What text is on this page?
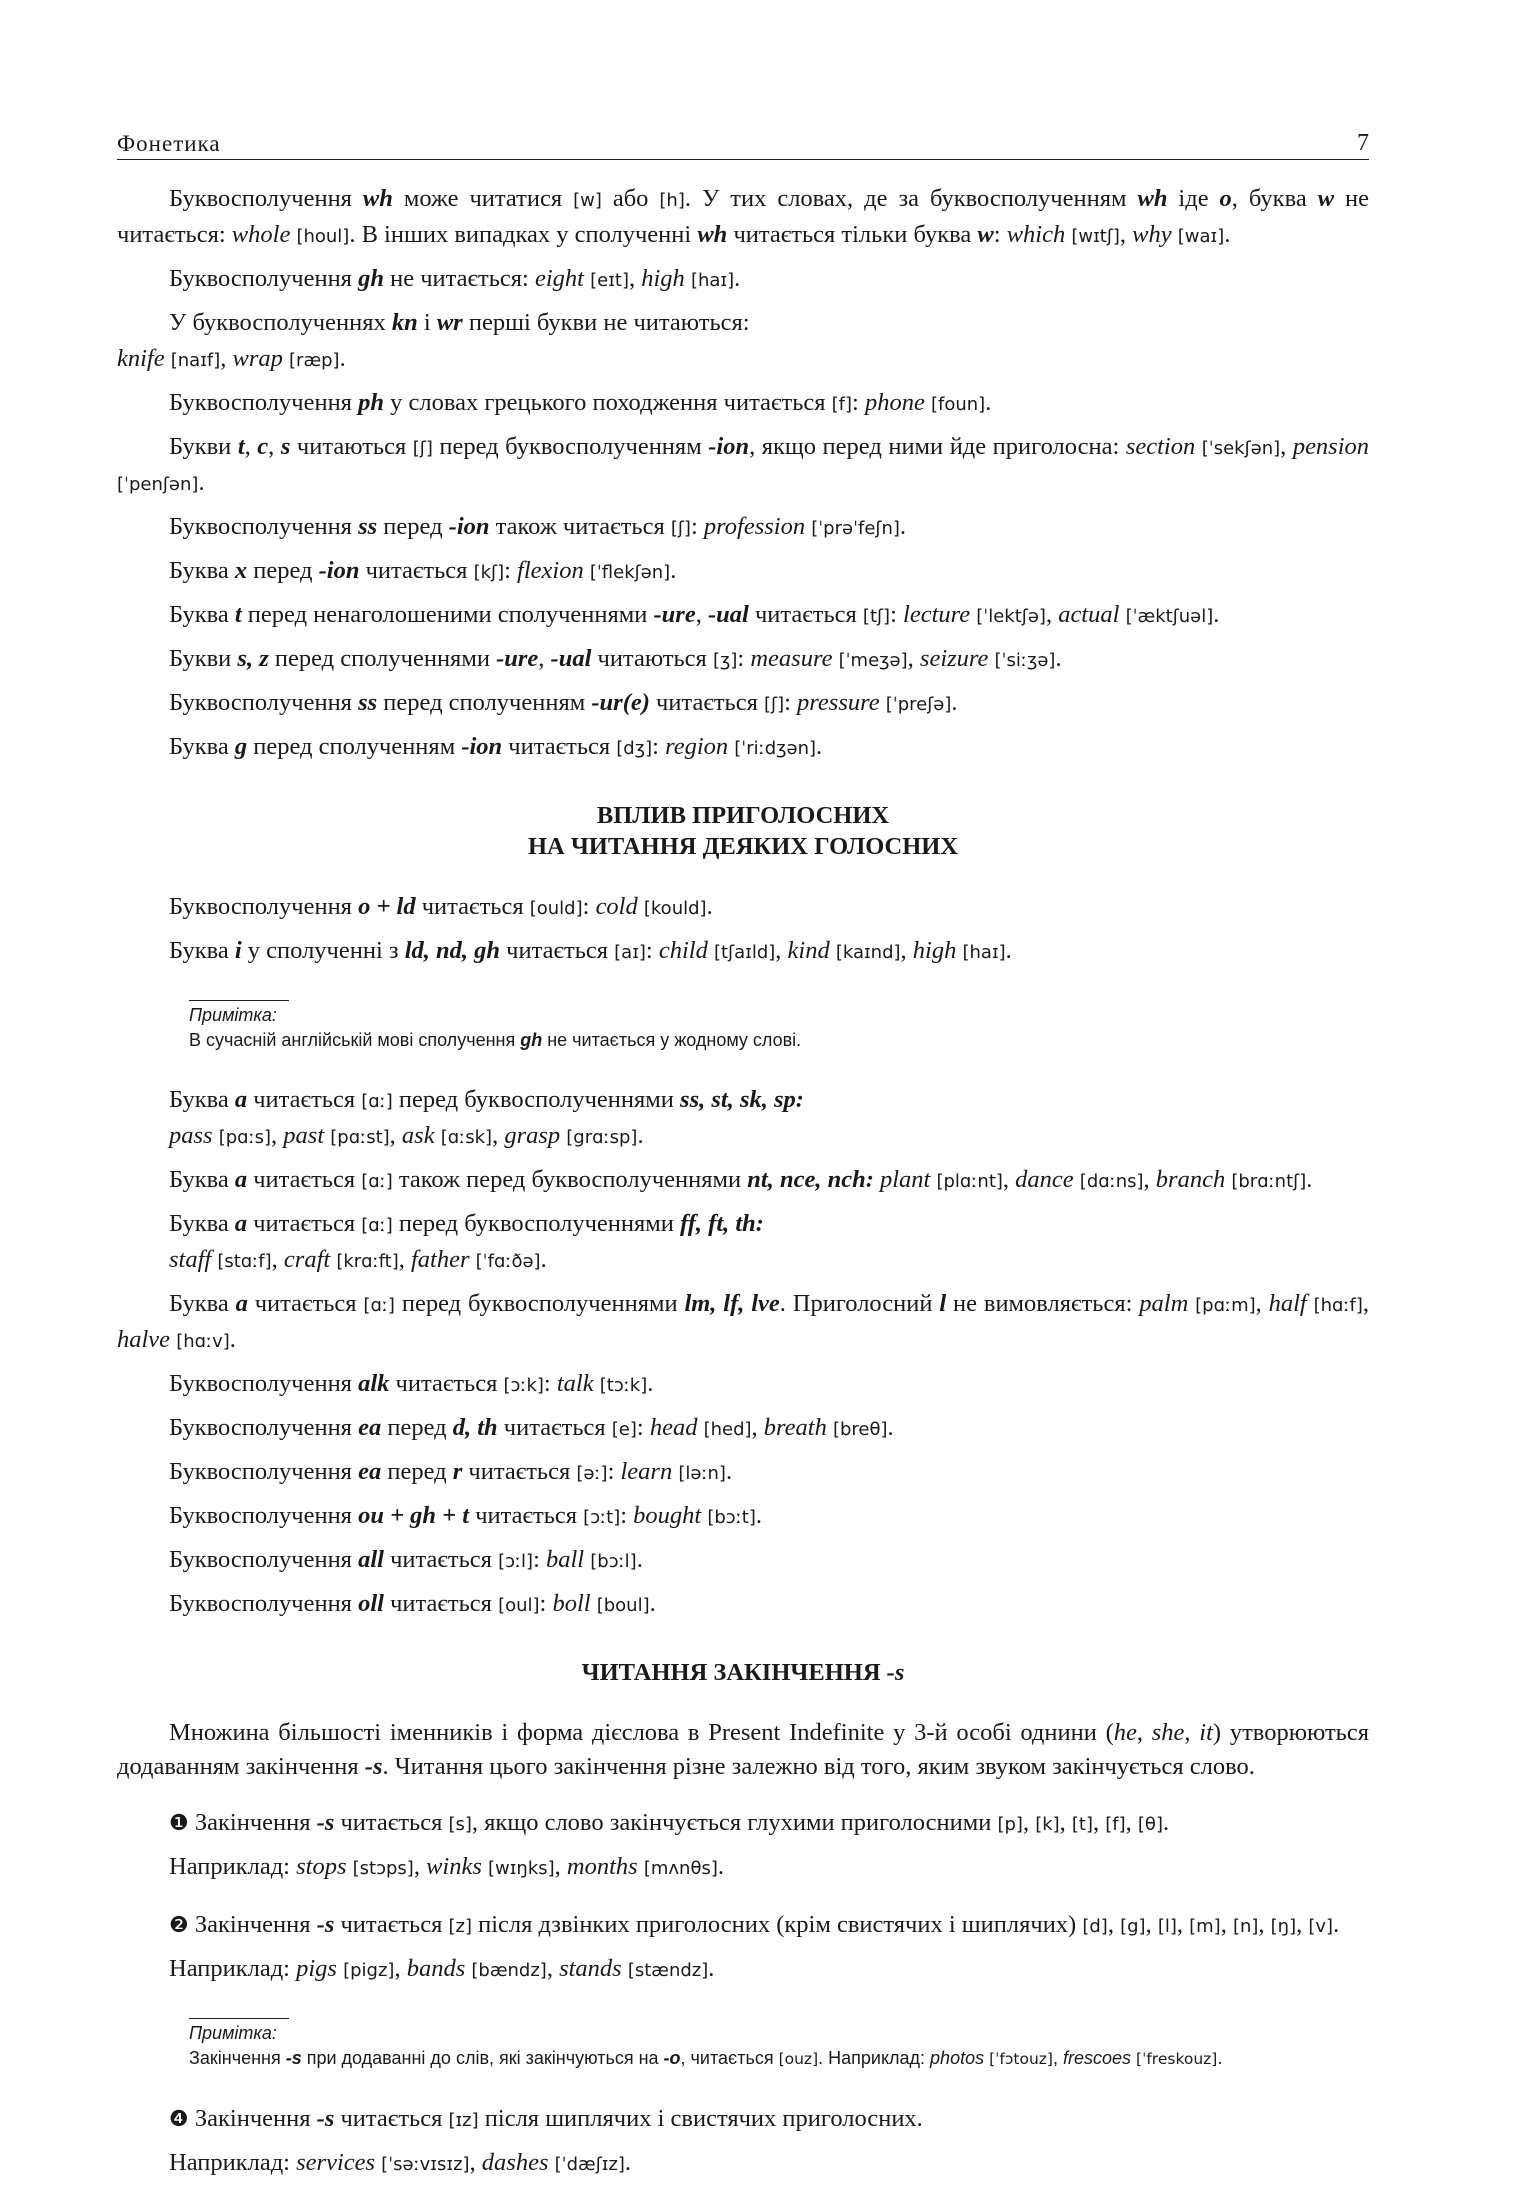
Фонетика	7

Буквосполучення wh може читатися [w] або [h]. У тих словах, де за буквосполученням wh іде o, буква w не читається: whole [houl]. В інших випадках у сполученні wh читається тільки буква w: which [wɪtʃ], why [waɪ].

Буквосполучення gh не читається: eight [eɪt], high [haɪ].

У буквосполученнях kn і wr перші букви не читаються:

knife [naɪf], wrap [ræp].

Буквосполучення ph у словах грецького походження читається [f]: phone [foun].

Букви t, c, s читаються [ʃ] перед буквосполученням -ion, якщо перед ними йде приголосна: section [ˈsekʃən], pension [ˈpenʃən].

Буквосполучення ss перед -ion також читається [ʃ]: profession [ˈprəˈfeʃn].

Буква x перед -ion читається [kʃ]: flexion [ˈflekʃən].

Буква t перед ненаголошеними сполученнями -ure, -ual читається [tʃ]: lecture [ˈlektʃə], actual [ˈæktʃuəl].

Букви s, z перед сполученнями -ure, -ual читаються [ʒ]: measure [ˈmeʒə], seizure [ˈsiːʒə].

Буквосполучення ss перед сполученням -ur(e) читається [ʃ]: pressure [ˈpreʃə].

Буква g перед сполученням -ion читається [dʒ]: region [ˈriːdʒən].

ВПЛИВ ПРИГОЛОСНИХ
НА ЧИТАННЯ ДЕЯКИХ ГОЛОСНИХ

Буквосполучення o + ld читається [ould]: cold [kould].

Буква i у сполученні з ld, nd, gh читається [aɪ]: child [tʃaɪld], kind [kaɪnd], high [haɪ].

Примітка:
В сучасній англійській мові сполучення gh не читається у жодному слові.

Буква a читається [ɑː] перед буквосполученнями ss, st, sk, sp:

pass [pɑːs], past [pɑːst], ask [ɑːsk], grasp [grɑːsp].

Буква a читається [ɑː] також перед буквосполученнями nt, nce, nch: plant [plɑːnt], dance [dɑːns], branch [brɑːntʃ].

Буква a читається [ɑː] перед буквосполученнями ff, ft, th:

staff [stɑːf], craft [krɑːft], father [ˈfɑːðə].

Буква a читається [ɑː] перед буквосполученнями lm, lf, lve. Приголосний l не вимовляється: palm [pɑːm], half [hɑːf], halve [hɑːv].

Буквосполучення alk читається [ɔːk]: talk [tɔːk].

Буквосполучення ea перед d, th читається [e]: head [hed], breath [breθ].

Буквосполучення ea перед r читається [əː]: learn [ləːn].

Буквосполучення ou + gh + t читається [ɔːt]: bought [bɔːt].

Буквосполучення all читається [ɔːl]: ball [bɔːl].

Буквосполучення oll читається [oul]: boll [boul].

ЧИТАННЯ ЗАКІНЧЕННЯ -s

Множина більшості іменників і форма дієслова в Present Indefinite у 3-й особі однини (he, she, it) утворюються додаванням закінчення -s. Читання цього закінчення різне залежно від того, яким звуком закінчується слово.

❶ Закінчення -s читається [s], якщо слово закінчується глухими приголосними [p], [k], [t], [f], [θ].

Наприклад: stops [stɔps], winks [wɪŋks], months [mʌnθs].

❷ Закінчення -s читається [z] після дзвінких приголосних (крім свистячих і шиплячих) [d], [g], [l], [m], [n], [ŋ], [v].

Наприклад: pigs [pigz], bands [bændz], stands [stændz].

Примітка:
Закінчення -s при додаванні до слів, які закінчуються на -o, читається [ouz]. Наприклад: photos [ˈfɔtouz], frescoes [ˈfreskouz].

❹ Закінчення -s читається [ɪz] після шиплячих і свистячих приголосних.

Наприклад: services [ˈsəːvɪsɪz], dashes [ˈdæʃɪz].
